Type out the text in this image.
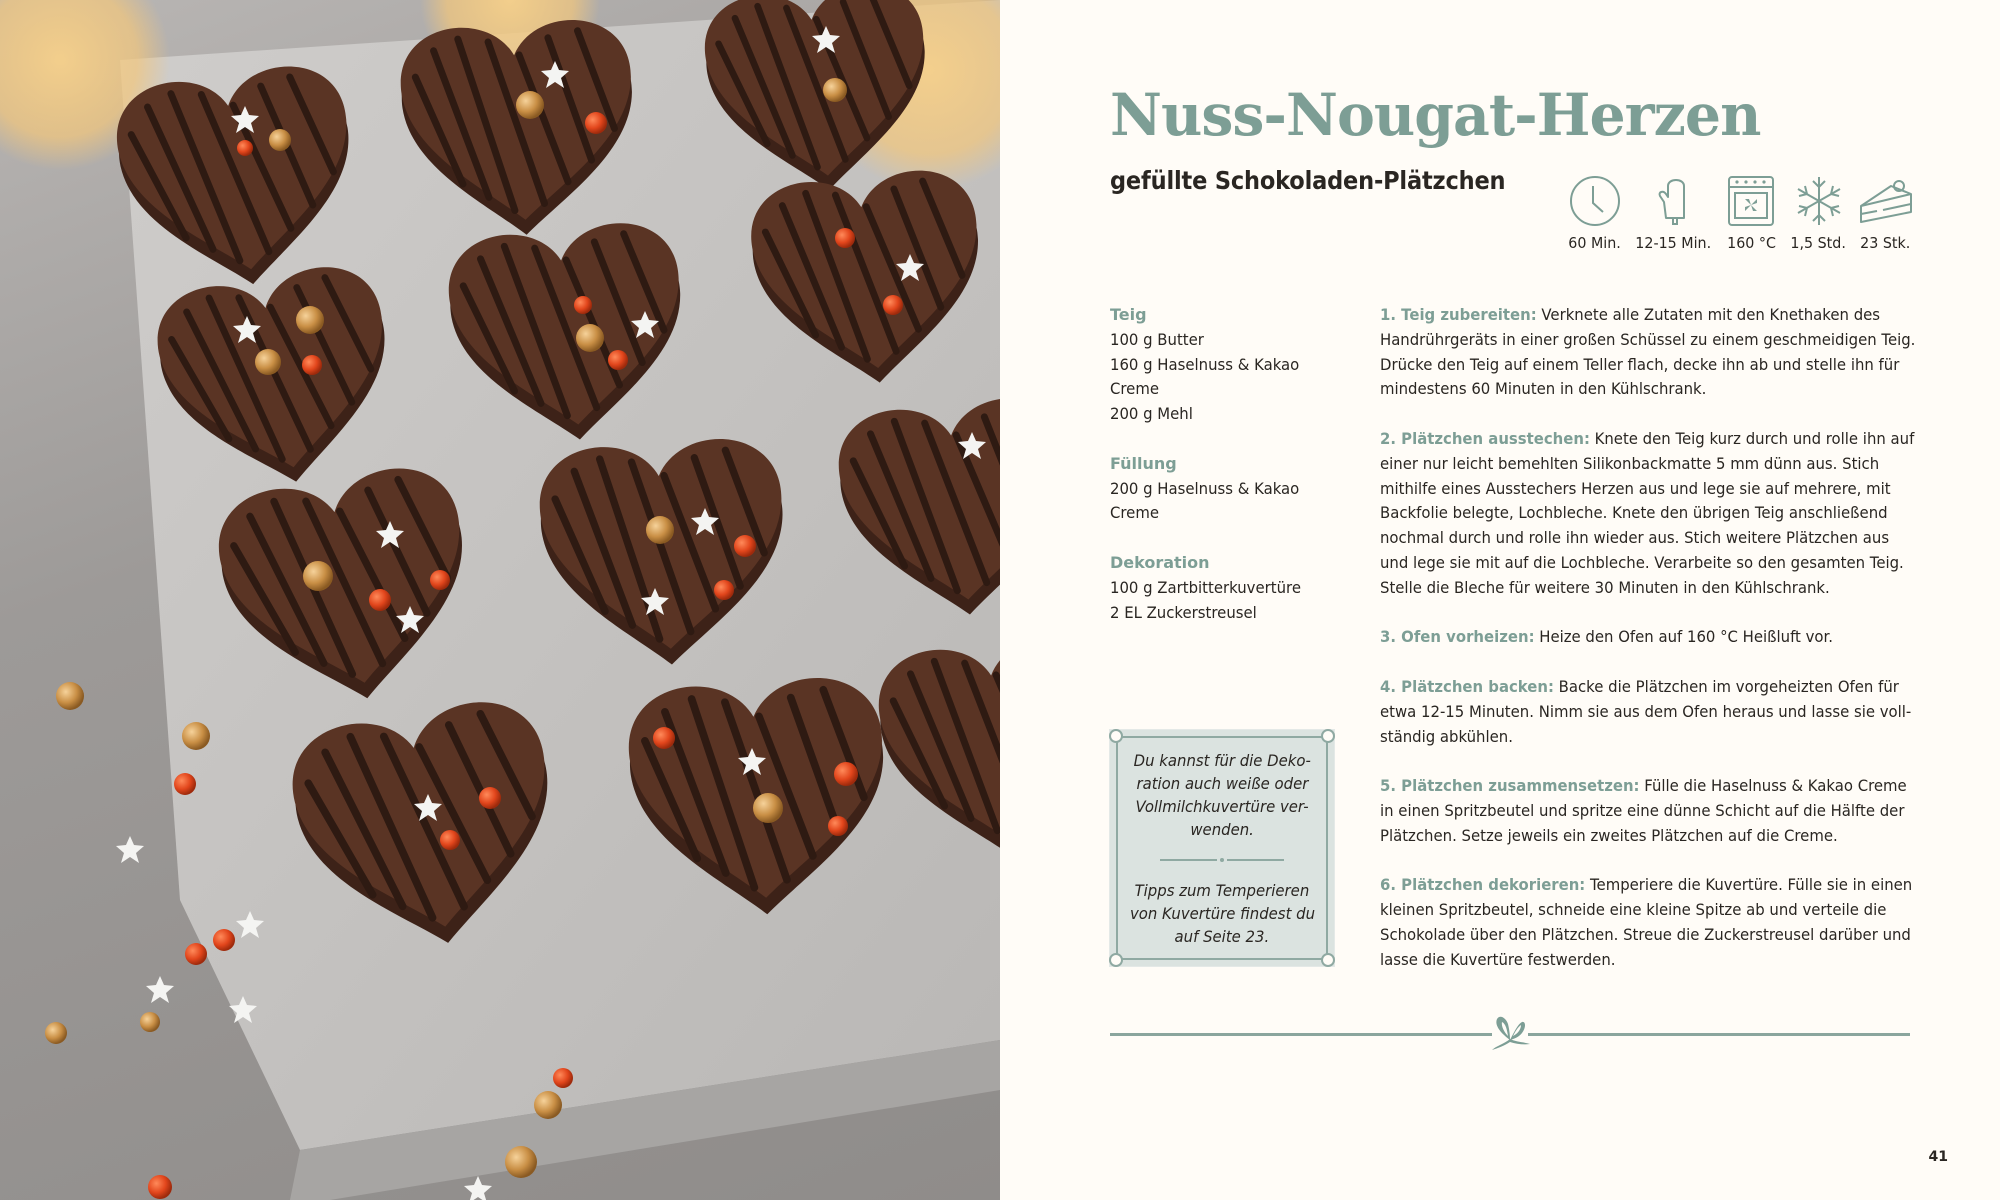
Nuss-Nougat-Herzen
gefüllte Schokoladen-Plätzchen
60 Min. 12-15 Min. 160 °C 1,5 Std. 23 Stk.
Teig
100 g Butter
160 g Haselnuss & Kakao
Creme
200 g Mehl
Füllung
200 g Haselnuss & Kakao
Creme
Dekoration
100 g Zartbitterkuvertüre
2 EL Zuckerstreusel
1. Teig zubereiten: Verknete alle Zutaten mit den Knethaken des
Handrührgeräts in einer großen Schüssel zu einem geschmeidigen Teig.
Drücke den Teig auf einem Teller flach, decke ihn ab und stelle ihn für
mindestens 60 Minuten in den Kühlschrank.
2. Plätzchen ausstechen: Knete den Teig kurz durch und rolle ihn auf
einer nur leicht bemehlten Silikonbackmatte 5 mm dünn aus. Stich
mithilfe eines Ausstechers Herzen aus und lege sie auf mehrere, mit
Backfolie belegte, Lochbleche. Knete den übrigen Teig anschließend
nochmal durch und rolle ihn wieder aus. Stich weitere Plätzchen aus
und lege sie mit auf die Lochbleche. Verarbeite so den gesamten Teig.
Stelle die Bleche für weitere 30 Minuten in den Kühlschrank.
3. Ofen vorheizen: Heize den Ofen auf 160 °C Heißluft vor.
4. Plätzchen backen: Backe die Plätzchen im vorgeheizten Ofen für
etwa 12-15 Minuten. Nimm sie aus dem Ofen heraus und lasse sie voll-
ständig abkühlen.
5. Plätzchen zusammensetzen: Fülle die Haselnuss & Kakao Creme
in einen Spritzbeutel und spritze eine dünne Schicht auf die Hälfte der
Plätzchen. Setze jeweils ein zweites Plätzchen auf die Creme.
6. Plätzchen dekorieren: Temperiere die Kuvertüre. Fülle sie in einen
kleinen Spritzbeutel, schneide eine kleine Spitze ab und verteile die
Schokolade über den Plätzchen. Streue die Zuckerstreusel darüber und
lasse die Kuvertüre festwerden.
Du kannst für die Deko-
ration auch weiße oder
Vollmilchkuvertüre ver-
wenden.
Tipps zum Temperieren
von Kuvertüre findest du
auf Seite 23.
41
